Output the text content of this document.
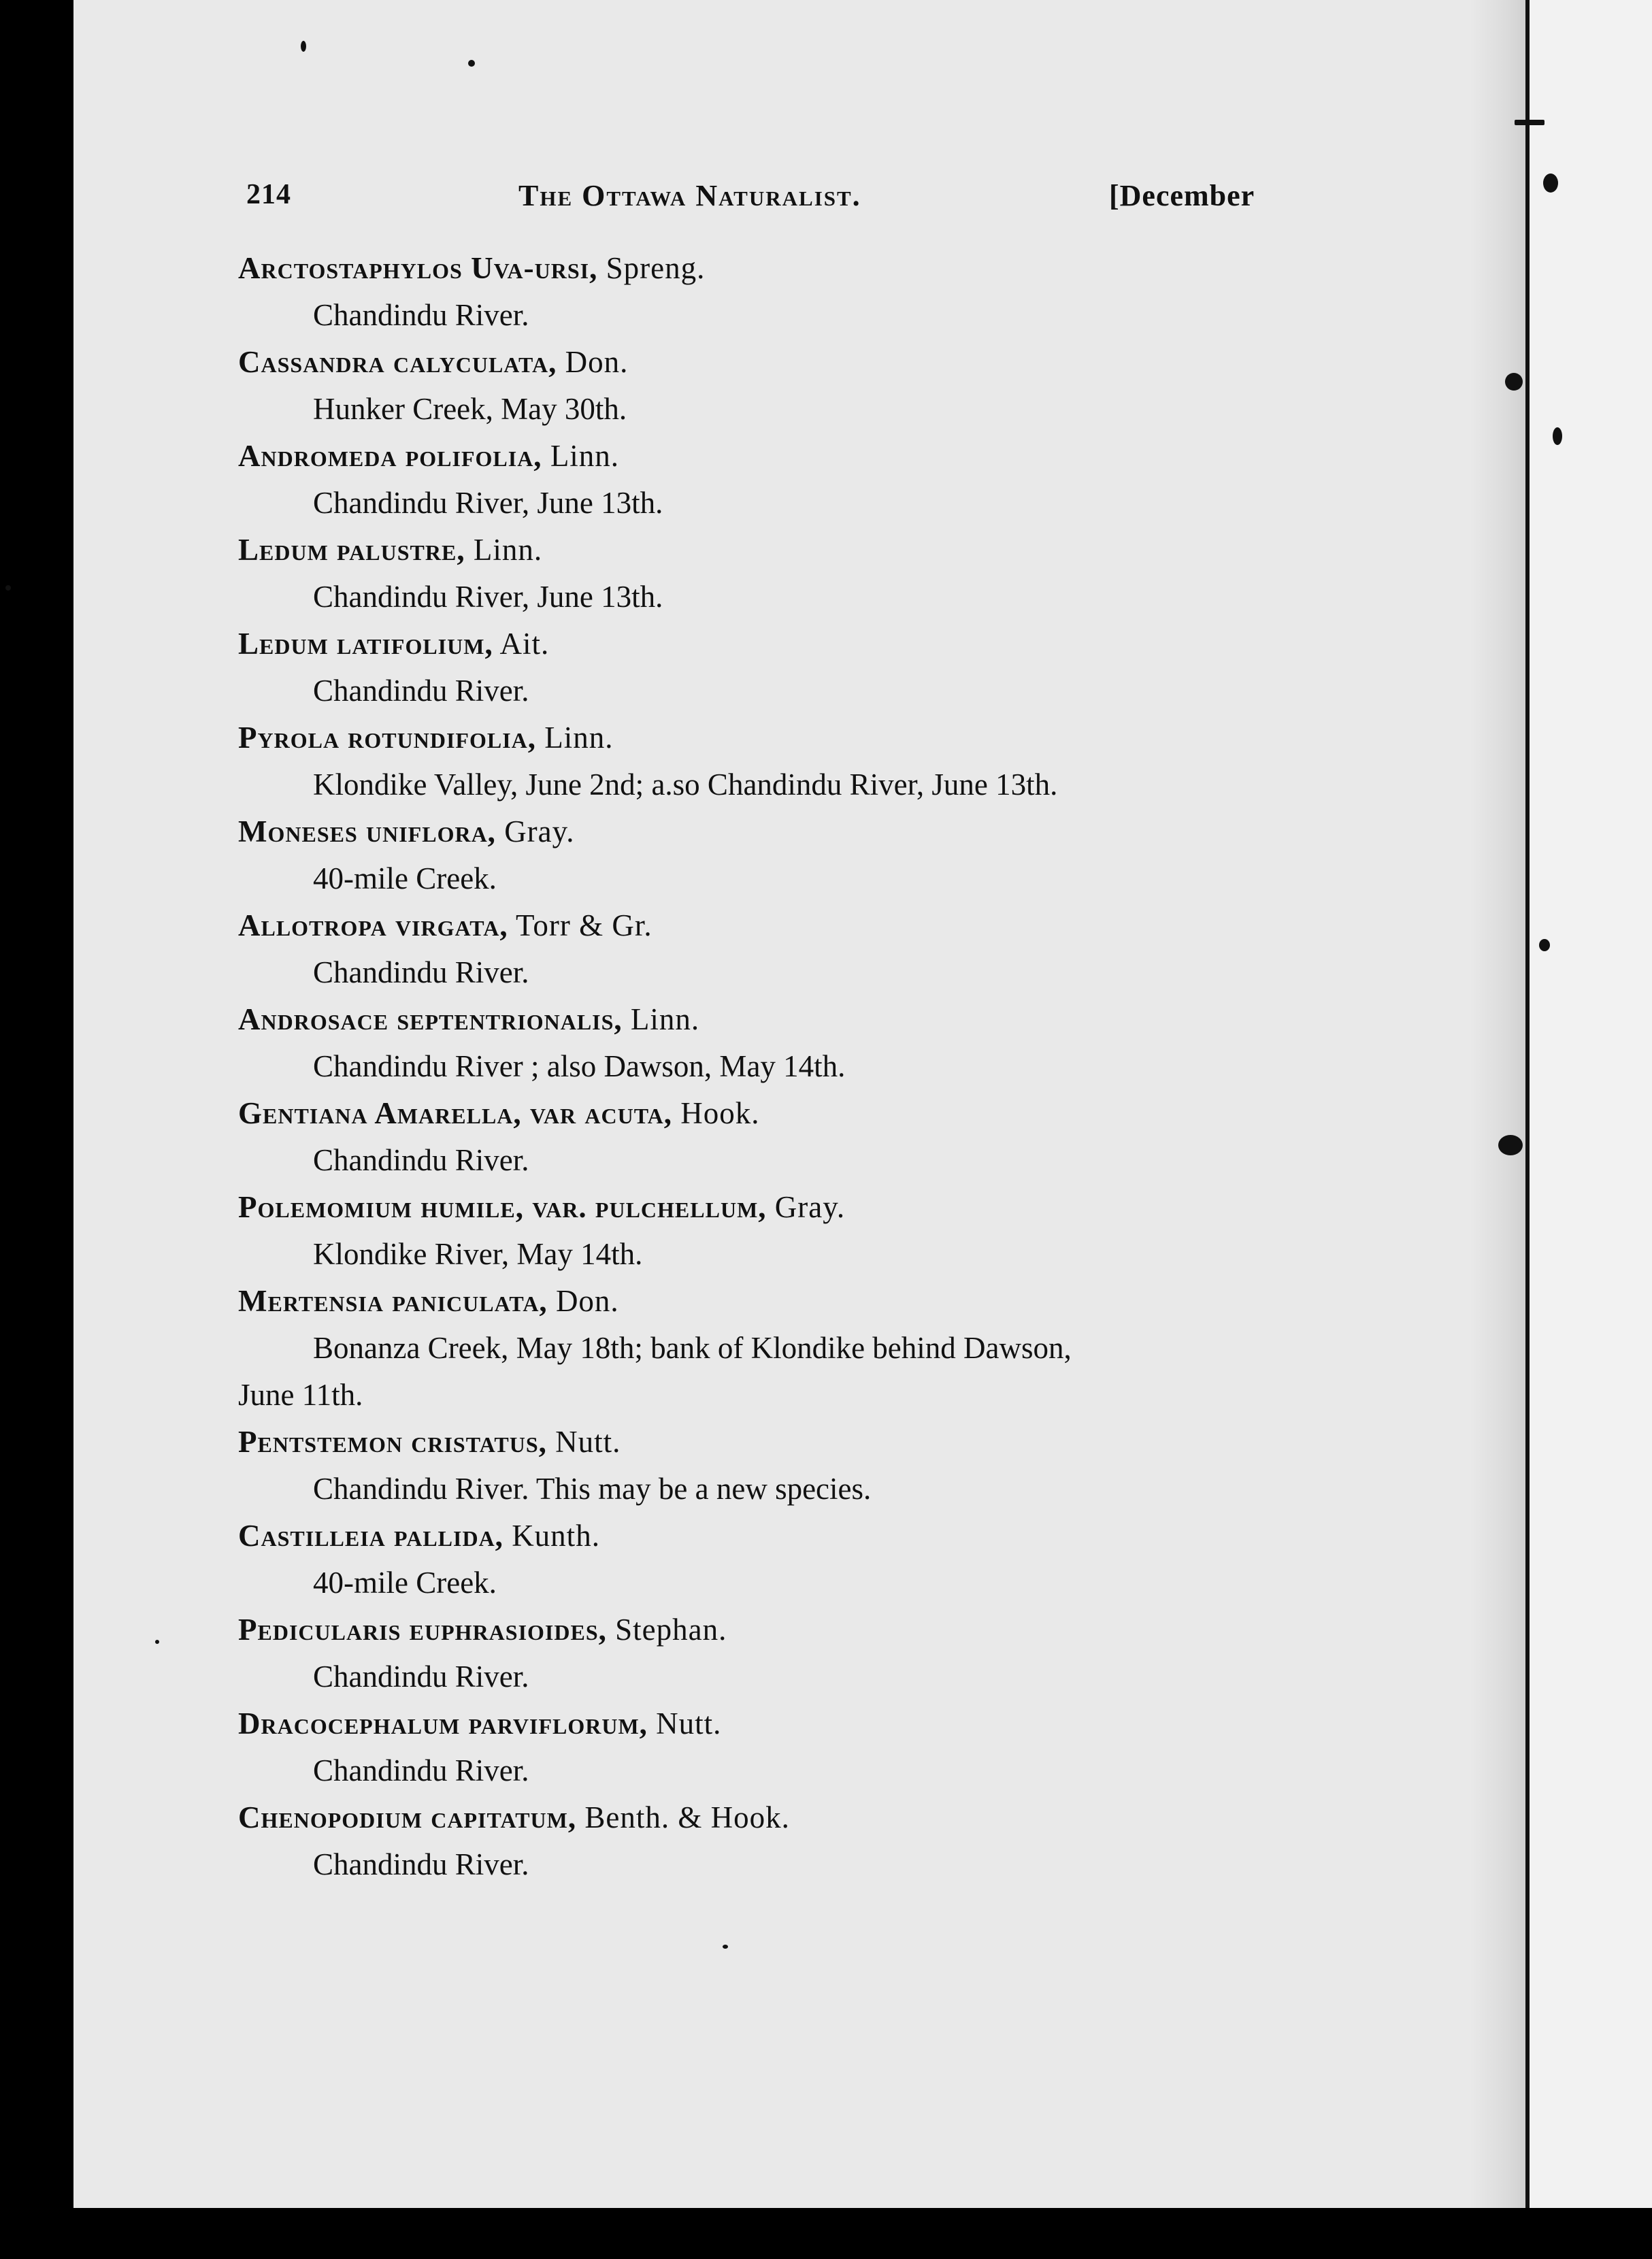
214	The Ottawa Naturalist.	[December
Arctostaphylos Uva-ursi, Spreng.
Chandindu River.
Cassandra calyculata, Don.
Hunker Creek, May 30th.
Andromeda polifolia, Linn.
Chandindu River, June 13th.
Ledum palustre, Linn.
Chandindu River, June 13th.
Ledum latifolium, Ait.
Chandindu River.
Pyrola rotundifolia, Linn.
Klondike Valley, June 2nd; a.so Chandindu River, June 13th.
Moneses uniflora, Gray.
40-mile Creek.
Allotropa virgata, Torr & Gr.
Chandindu River.
Androsace septentrionalis, Linn.
Chandindu River ; also Dawson, May 14th.
Gentiana Amarella, var acuta, Hook.
Chandindu River.
Polemomium humile, var. pulchellum, Gray.
Klondike River, May 14th.
Mertensia paniculata, Don.
Bonanza Creek, May 18th; bank of Klondike behind Dawson,
June 11th.
Pentstemon cristatus, Nutt.
Chandindu River. This may be a new species.
Castilleia pallida, Kunth.
40-mile Creek.
Pedicularis euphrasioides, Stephan.
Chandindu River.
Dracocephalum parviflorum, Nutt.
Chandindu River.
Chenopodium capitatum, Benth. & Hook.
Chandindu River.
